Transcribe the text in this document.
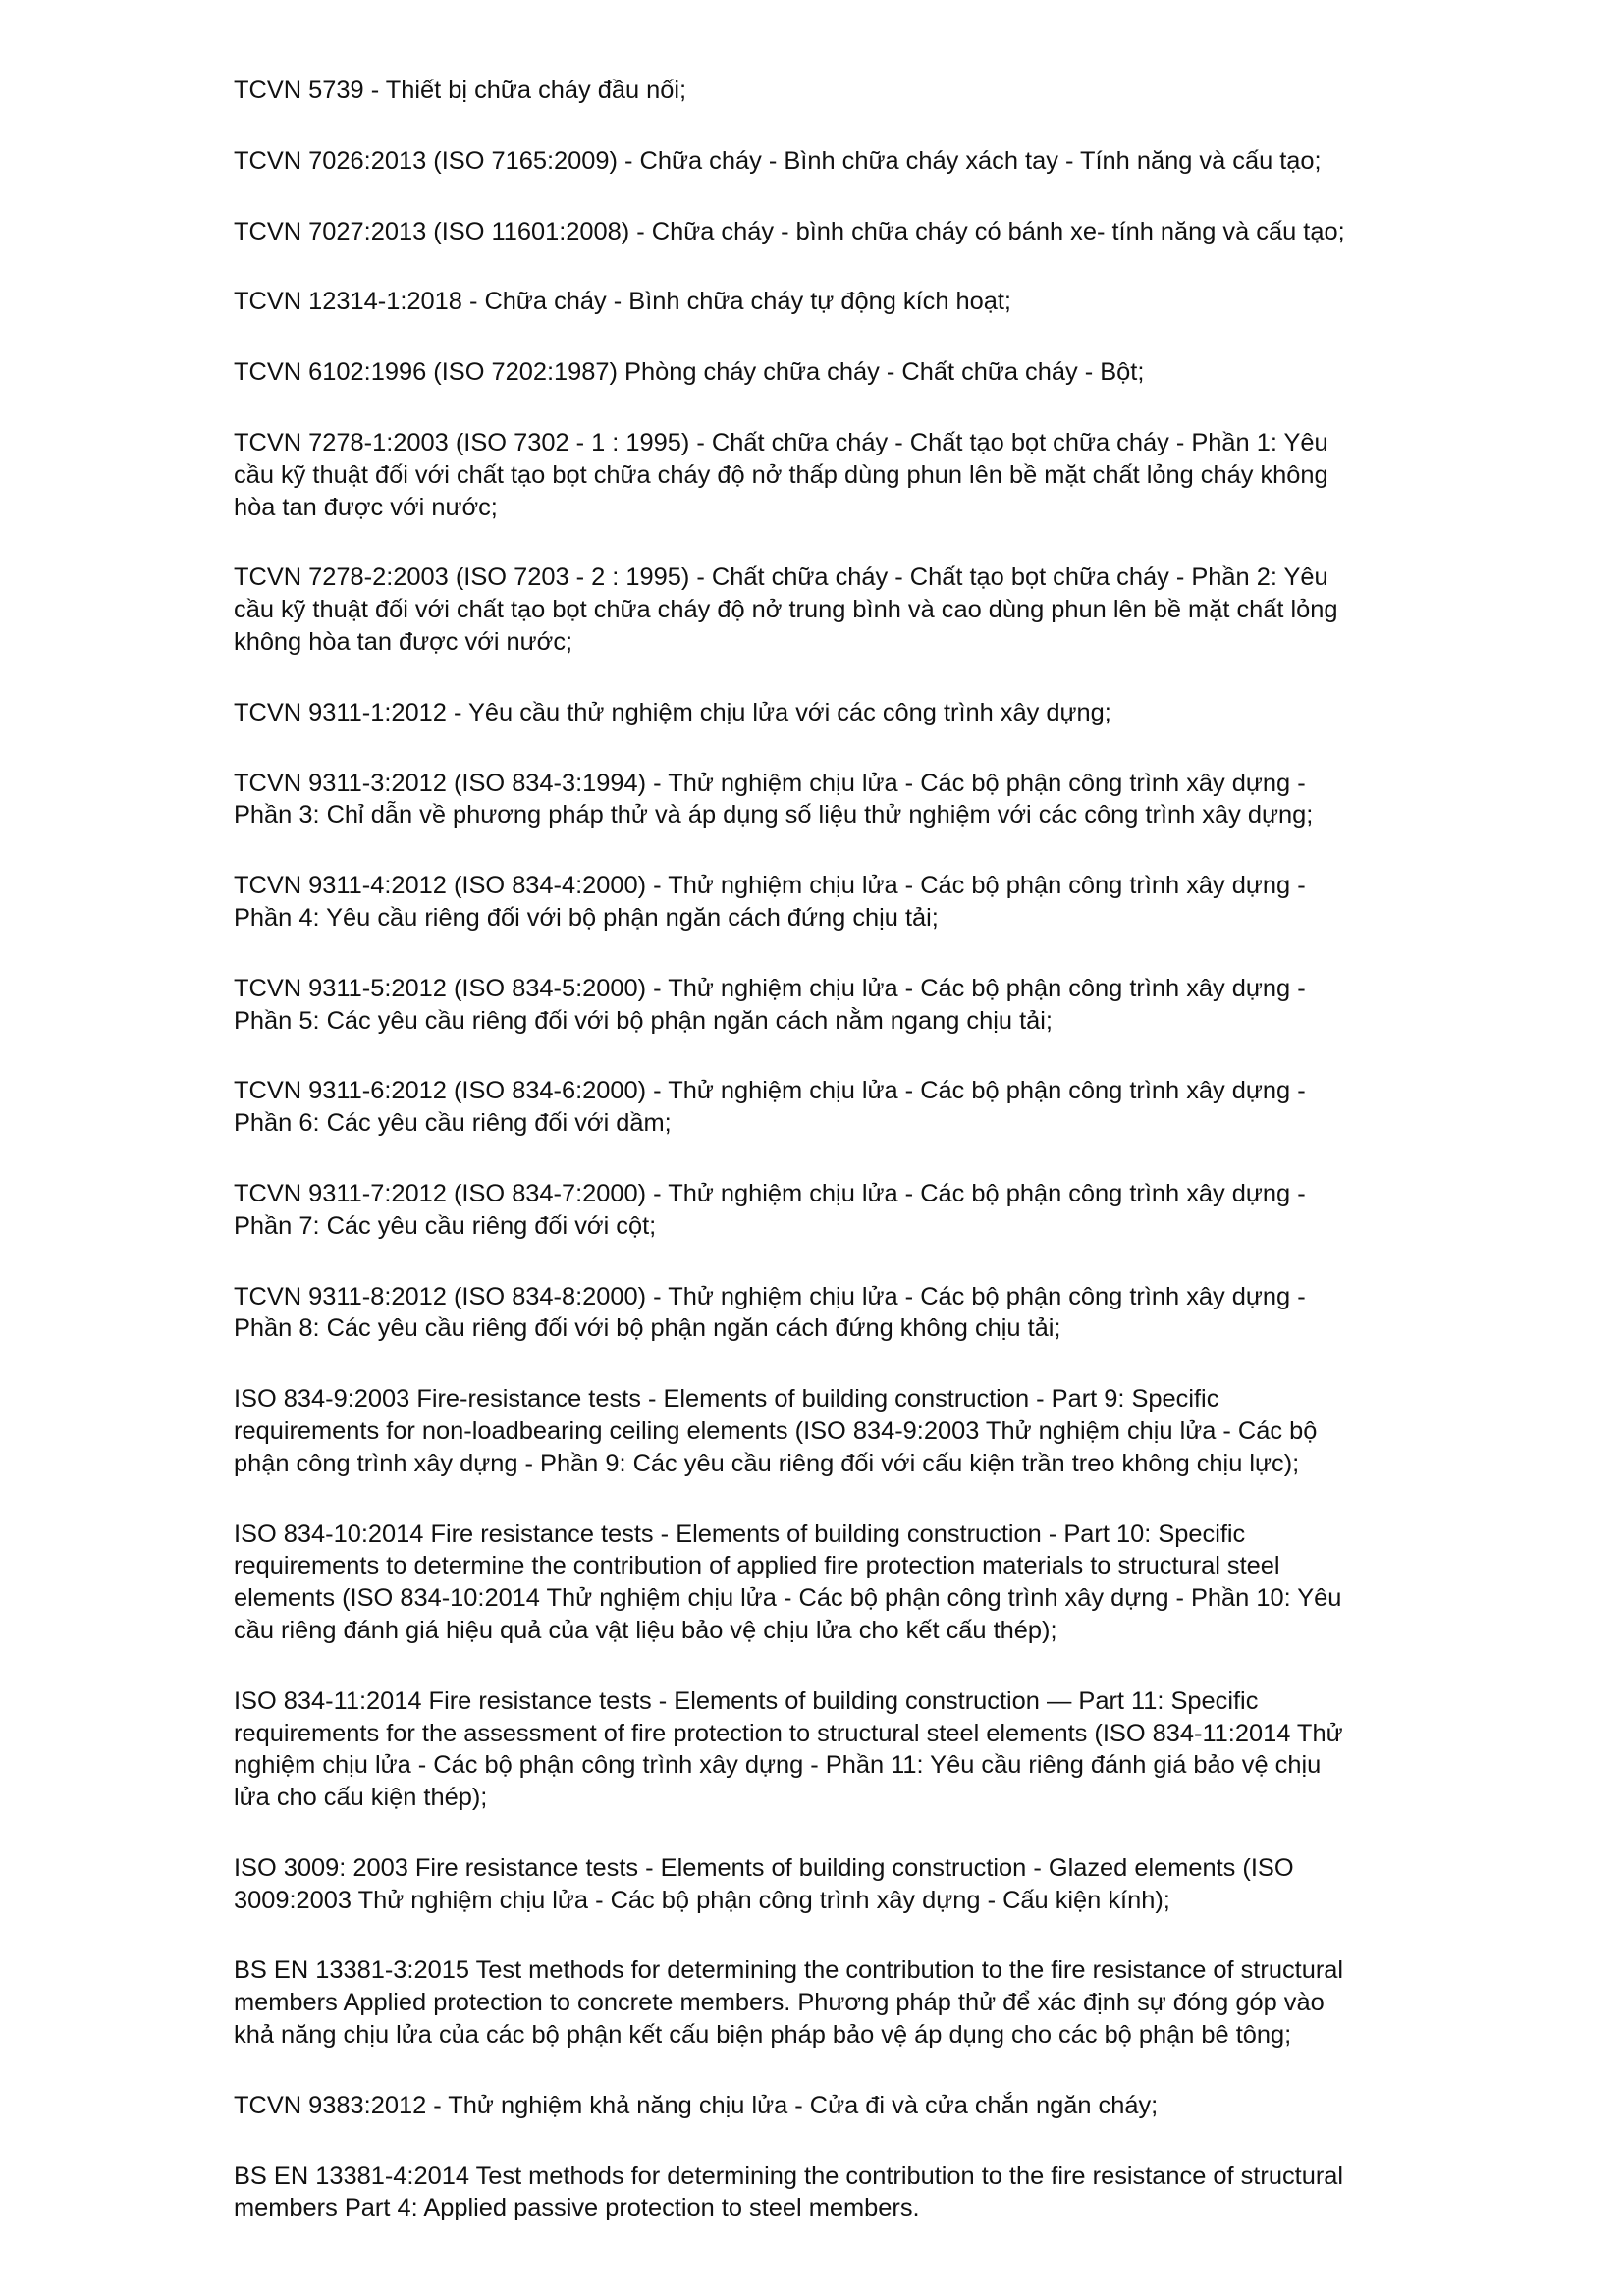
TCVN 5739 - Thiết bị chữa cháy đầu nối;

TCVN 7026:2013 (ISO 7165:2009) - Chữa cháy - Bình chữa cháy xách tay - Tính năng và cấu tạo;

TCVN 7027:2013 (ISO 11601:2008) - Chữa cháy - bình chữa cháy có bánh xe- tính năng và cấu tạo;

TCVN 12314-1:2018 - Chữa cháy - Bình chữa cháy tự động kích hoạt;

TCVN 6102:1996 (ISO 7202:1987) Phòng cháy chữa cháy - Chất chữa cháy - Bột;

TCVN 7278-1:2003 (ISO 7302 - 1 : 1995) - Chất chữa cháy - Chất tạo bọt chữa cháy - Phần 1: Yêu
cầu kỹ thuật đối với chất tạo bọt chữa cháy độ nở thấp dùng phun lên bề mặt chất lỏng cháy không
hòa tan được với nước;

TCVN 7278-2:2003 (ISO 7203 - 2 : 1995) - Chất chữa cháy - Chất tạo bọt chữa cháy - Phần 2: Yêu
cầu kỹ thuật đối với chất tạo bọt chữa cháy độ nở trung bình và cao dùng phun lên bề mặt chất lỏng
không hòa tan được với nước;

TCVN 9311-1:2012 - Yêu cầu thử nghiệm chịu lửa với các công trình xây dựng;

TCVN 9311-3:2012 (ISO 834-3:1994) - Thử nghiệm chịu lửa - Các bộ phận công trình xây dựng -
Phần 3: Chỉ dẫn về phương pháp thử và áp dụng số liệu thử nghiệm với các công trình xây dựng;

TCVN 9311-4:2012 (ISO 834-4:2000) - Thử nghiệm chịu lửa - Các bộ phận công trình xây dựng -
Phần 4: Yêu cầu riêng đối với bộ phận ngăn cách đứng chịu tải;

TCVN 9311-5:2012 (ISO 834-5:2000) - Thử nghiệm chịu lửa - Các bộ phận công trình xây dựng -
Phần 5: Các yêu cầu riêng đối với bộ phận ngăn cách nằm ngang chịu tải;

TCVN 9311-6:2012 (ISO 834-6:2000) - Thử nghiệm chịu lửa - Các bộ phận công trình xây dựng -
Phần 6: Các yêu cầu riêng đối với dầm;

TCVN 9311-7:2012 (ISO 834-7:2000) - Thử nghiệm chịu lửa - Các bộ phận công trình xây dựng -
Phần 7: Các yêu cầu riêng đối với cột;

TCVN 9311-8:2012 (ISO 834-8:2000) - Thử nghiệm chịu lửa - Các bộ phận công trình xây dựng -
Phần 8: Các yêu cầu riêng đối với bộ phận ngăn cách đứng không chịu tải;

ISO 834-9:2003 Fire-resistance tests - Elements of building construction - Part 9: Specific
requirements for non-loadbearing ceiling elements (ISO 834-9:2003 Thử nghiệm chịu lửa - Các bộ
phận công trình xây dựng - Phần 9: Các yêu cầu riêng đối với cấu kiện trần treo không chịu lực);

ISO 834-10:2014 Fire resistance tests - Elements of building construction - Part 10: Specific
requirements to determine the contribution of applied fire protection materials to structural steel
elements (ISO 834-10:2014 Thử nghiệm chịu lửa - Các bộ phận công trình xây dựng - Phần 10: Yêu
cầu riêng đánh giá hiệu quả của vật liệu bảo vệ chịu lửa cho kết cấu thép);

ISO 834-11:2014 Fire resistance tests - Elements of building construction — Part 11: Specific
requirements for the assessment of fire protection to structural steel elements (ISO 834-11:2014 Thử
nghiệm chịu lửa - Các bộ phận công trình xây dựng - Phần 11: Yêu cầu riêng đánh giá bảo vệ chịu
lửa cho cấu kiện thép);

ISO 3009: 2003 Fire resistance tests - Elements of building construction - Glazed elements (ISO
3009:2003 Thử nghiệm chịu lửa - Các bộ phận công trình xây dựng - Cấu kiện kính);

BS EN 13381-3:2015 Test methods for determining the contribution to the fire resistance of structural
members Applied protection to concrete members. Phương pháp thử để xác định sự đóng góp vào
khả năng chịu lửa của các bộ phận kết cấu biện pháp bảo vệ áp dụng cho các bộ phận bê tông;

TCVN 9383:2012 - Thử nghiệm khả năng chịu lửa - Cửa đi và cửa chắn ngăn cháy;

BS EN 13381-4:2014 Test methods for determining the contribution to the fire resistance of structural
members Part 4: Applied passive protection to steel members.
